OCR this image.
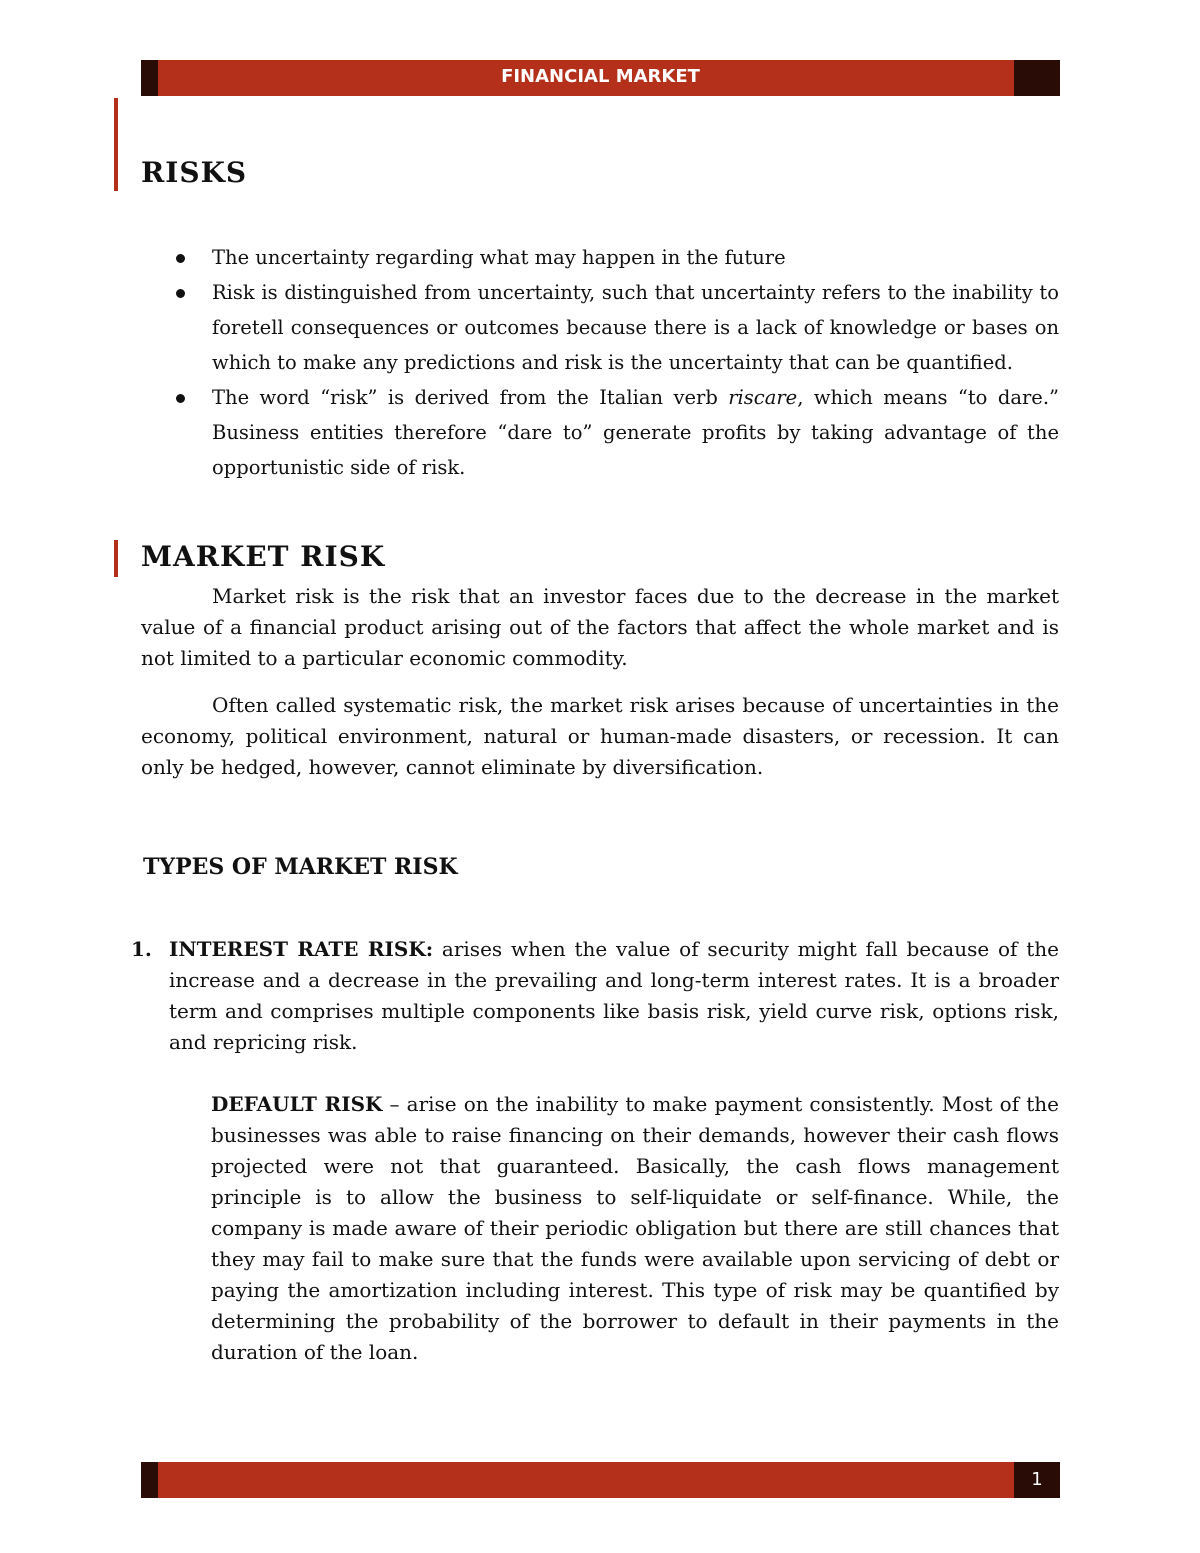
FINANCIAL MARKET
RISKS
The uncertainty regarding what may happen in the future
Risk is distinguished from uncertainty, such that uncertainty refers to the inability to foretell consequences or outcomes because there is a lack of knowledge or bases on which to make any predictions and risk is the uncertainty that can be quantified.
The word “risk” is derived from the Italian verb riscare, which means “to dare.” Business entities therefore “dare to” generate profits by taking advantage of the opportunistic side of risk.
MARKET RISK

Market risk is the risk that an investor faces due to the decrease in the market value of a financial product arising out of the factors that affect the whole market and is not limited to a particular economic commodity.

Often called systematic risk, the market risk arises because of uncertainties in the economy, political environment, natural or human-made disasters, or recession. It can only be hedged, however, cannot eliminate by diversification.

TYPES OF MARKET RISK
1. INTEREST RATE RISK: arises when the value of security might fall because of the increase and a decrease in the prevailing and long-term interest rates. It is a broader term and comprises multiple components like basis risk, yield curve risk, options risk, and repricing risk.
DEFAULT RISK – arise on the inability to make payment consistently. Most of the businesses was able to raise financing on their demands, however their cash flows projected were not that guaranteed. Basically, the cash flows management principle is to allow the business to self-liquidate or self-finance. While, the company is made aware of their periodic obligation but there are still chances that they may fail to make sure that the funds were available upon servicing of debt or paying the amortization including interest. This type of risk may be quantified by determining the probability of the borrower to default in their payments in the duration of the loan.
1
